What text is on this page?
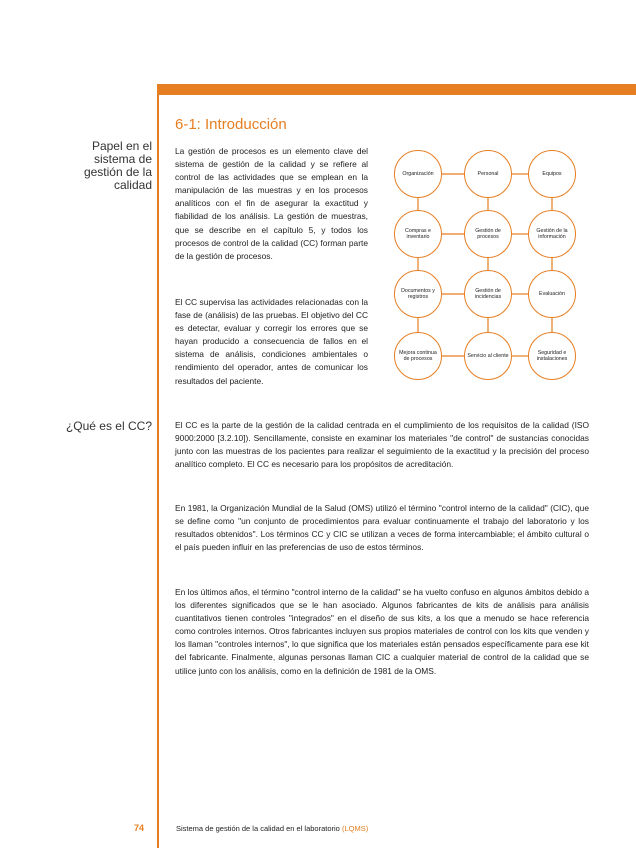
6-1: Introducción
Papel en el sistema de gestión de la calidad
¿Qué es el CC?

La gestión de procesos es un elemento clave del sistema de gestión de la calidad y se refiere al control de las actividades que se emplean en la manipulación de las muestras y en los procesos analíticos con el fin de asegurar la exactitud y fiabilidad de los análisis. La gestión de muestras, que se describe en el capítulo 5, y todos los procesos de control de la calidad (CC) forman parte de la gestión de procesos.

El CC supervisa las actividades relacionadas con la fase de (análisis) de las pruebas. El objetivo del CC es detectar, evaluar y corregir los errores que se hayan producido a consecuencia de fallos en el sistema de análisis, condiciones ambientales o rendimiento del operador, antes de comunicar los resultados del paciente.

El CC es la parte de la gestión de la calidad centrada en el cumplimiento de los requisitos de la calidad (ISO 9000:2000 [3.2.10]). Sencillamente, consiste en examinar los materiales "de control" de sustancias conocidas junto con las muestras de los pacientes para realizar el seguimiento de la exactitud y la precisión del proceso analítico completo. El CC es necesario para los propósitos de acreditación.

En 1981, la Organización Mundial de la Salud (OMS) utilizó el término "control interno de la calidad" (CIC), que se define como "un conjunto de procedimientos para evaluar continuamente el trabajo del laboratorio y los resultados obtenidos". Los términos CC y CIC se utilizan a veces de forma intercambiable; el ámbito cultural o el país pueden influir en las preferencias de uso de estos términos.

En los últimos años, el término "control interno de la calidad" se ha vuelto confuso en algunos ámbitos debido a los diferentes significados que se le han asociado. Algunos fabricantes de kits de análisis para análisis cuantitativos tienen controles "integrados" en el diseño de sus kits, a los que a menudo se hace referencia como controles internos. Otros fabricantes incluyen sus propios materiales de control con los kits que venden y los llaman "controles internos", lo que significa que los materiales están pensados específicamente para ese kit del fabricante. Finalmente, algunas personas llaman CIC a cualquier material de control de la calidad que se utilice junto con los análisis, como en la definición de 1981 de la OMS.

Organización	Personal	Equipos
Compras e inventario
Gestión de procesos
Gestión de la información
Documentos y registros
Gestión de incidencias
Evaluación
Mejora continua de procesos
Servicio al cliente
Seguridad e instalaciones
74	Sistema de gestión de la calidad en el laboratorio (LQMS)
